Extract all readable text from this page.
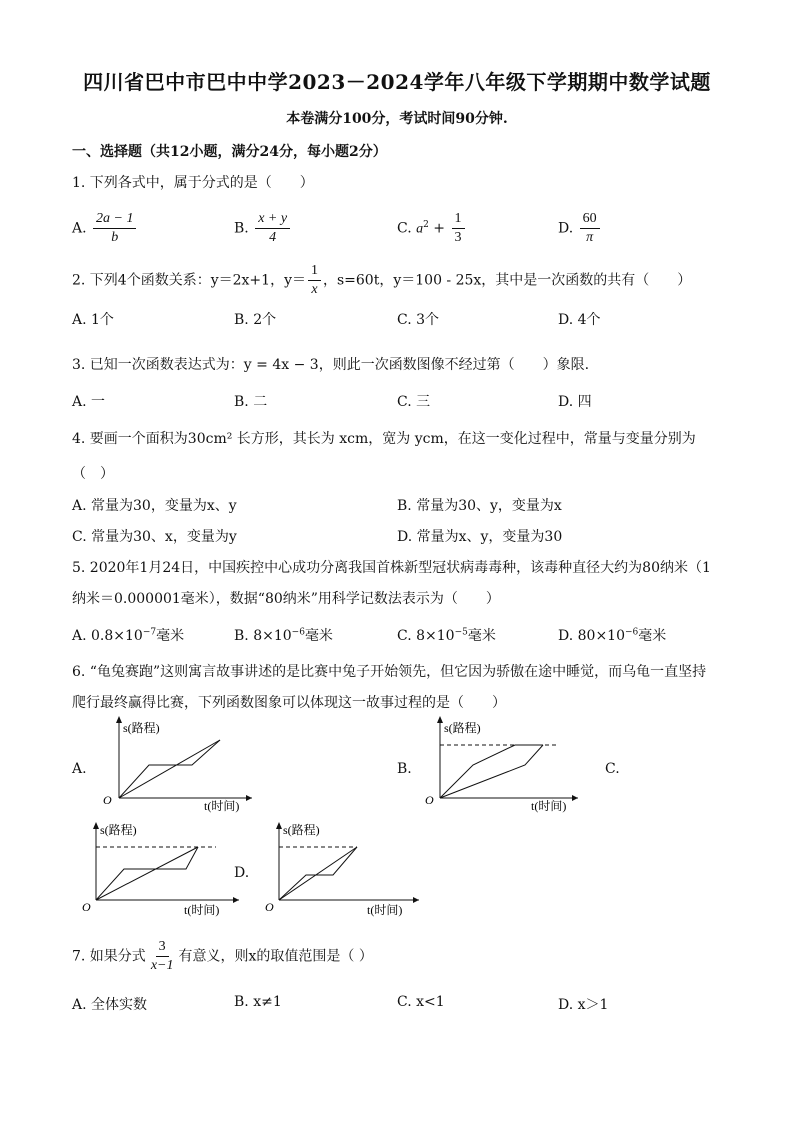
四川省巴中市巴中中学2023－2024学年八年级下学期期中数学试题
本卷满分100分，考试时间90分钟.
一、选择题（共12小题，满分24分，每小题2分）
1. 下列各式中，属于分式的是（　　）
A. $\frac{2a - 1}{b}$	B. $\frac{x + y}{4}$	C. $a^2 + \frac{1}{3}$	D. $\frac{60}{\pi}$
2. 下列4个函数关系：y＝2x+1，$y= \frac{1}{x}$ ，s=60t，y＝100 - 25x，其中是一次函数的共有（　　）
A. 1个	B. 2个	C. 3个	D. 4个
3. 已知一次函数表达式为：y = 4x − 3，则此一次函数图像不经过第（　　）象限.
A. 一	B. 二	C. 三	D. 四
4. 要画一个面积为30cm² 长方形，其长为 xcm，宽为 ycm，在这一变化过程中，常量与变量分别为
（　）
A. 常量为30，变量为x、y	B. 常量为30、y，变量为x
C. 常量为30、x，变量为y	D. 常量为x、y，变量为30
5. 2020年1月24日，中国疾控中心成功分离我国首株新型冠状病毒毒种，该毒种直径大约为80纳米（1
纳米＝0.000001毫米），数据“80纳米”用科学记数法表示为（　　）
A. $0.8\times 10^{-7}$毫米	B. $8\times 10^{-6}$毫米	C. $8\times 10^{-5}$毫米	D. $80\times 10^{-6}$毫米
6. “龟兔赛跑”这则寓言故事讲述的是比赛中兔子开始领先，但它因为骄傲在途中睡觉，而乌龟一直坚持
爬行最终赢得比赛，下列函数图象可以体现这一故事过程的是（　　）
A.	B.	C.
D.
O
s(路程)
t(时间)	O
s(路程)
t(时间)
O
s(路程)
t(时间)	O
s(路程)
t(时间)
7. 如果分式 $\frac{3}{x-1}$ 有意义，则x的取值范围是（ ）
A. 全体实数	B. x≠1	C. x<1	D. x＞1
